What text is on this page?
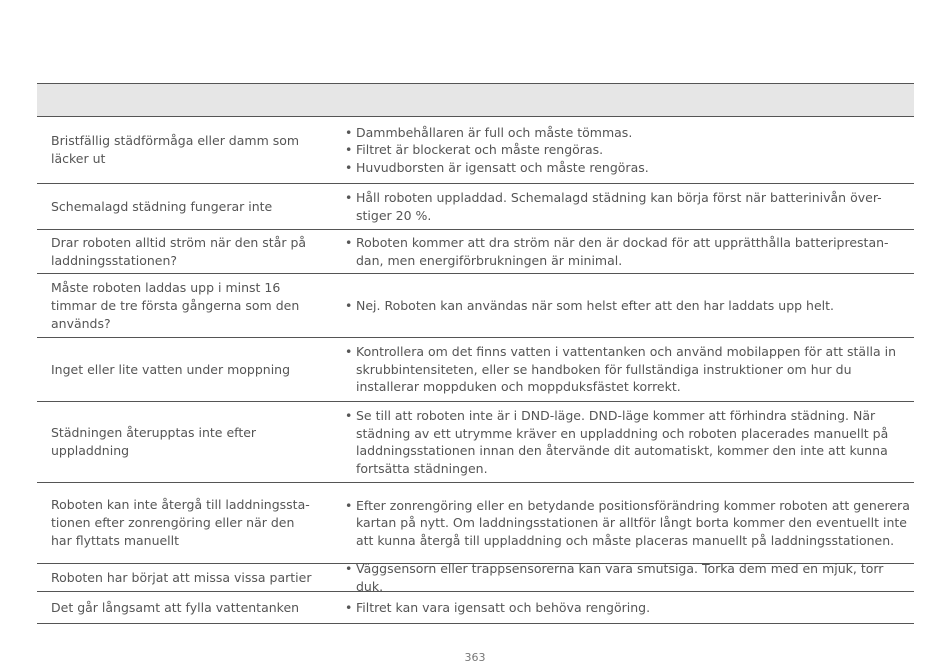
Bristfällig städförmåga eller damm som läcker ut
• Dammbehållaren är full och måste tömmas.
• Filtret är blockerat och måste rengöras.
• Huvudborsten är igensatt och måste rengöras.
Schemalagd städning fungerar inte
• Håll roboten uppladdad. Schemalagd städning kan börja först när batterinivån över-stiger 20 %.
Drar roboten alltid ström när den står på laddningsstationen?
• Roboten kommer att dra ström när den är dockad för att upprätthålla batteriprestan-dan, men energiförbrukningen är minimal.
Måste roboten laddas upp i minst 16 timmar de tre första gångerna som den används?
• Nej. Roboten kan användas när som helst efter att den har laddats upp helt.
Inget eller lite vatten under moppning
• Kontrollera om det finns vatten i vattentanken och använd mobilappen för att ställa in skrubbintensiteten, eller se handboken för fullständiga instruktioner om hur du installerar moppduken och moppduksfästet korrekt.
Städningen återupptas inte efter uppladdning
• Se till att roboten inte är i DND-läge. DND-läge kommer att förhindra städning. När städning av ett utrymme kräver en uppladdning och roboten placerades manuellt på laddningsstationen innan den återvände dit automatiskt, kommer den inte att kunna fortsätta städningen.
Roboten kan inte återgå till laddningssta-tionen efter zonrengöring eller när den har flyttats manuellt
• Efter zonrengöring eller en betydande positionsförändring kommer roboten att generera kartan på nytt. Om laddningsstationen är alltför långt borta kommer den eventuellt inte att kunna återgå till uppladdning och måste placeras manuellt på laddningsstationen.
Roboten har börjat att missa vissa partier
• Väggsensorn eller trappsensorerna kan vara smutsiga. Torka dem med en mjuk, torr duk.
Det går långsamt att fylla vattentanken	• Filtret kan vara igensatt och behöva rengöring.
363
